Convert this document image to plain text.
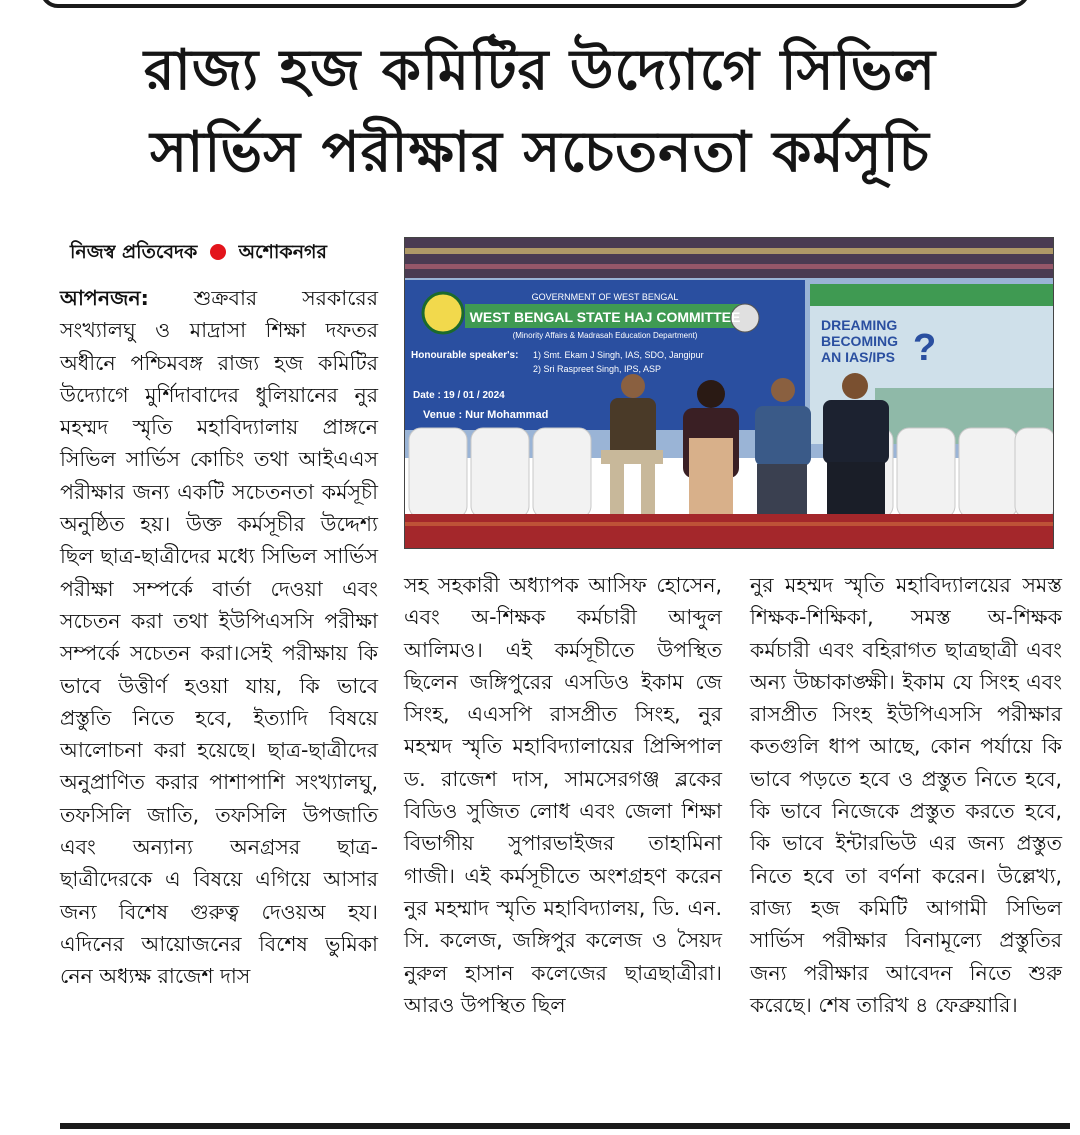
রাজ্য হজ কমিটির উদ্যোগে সিভিল
সার্ভিস পরীক্ষার সচেতনতা কর্মসূচি
নিজস্ব প্রতিবেদক অশোকনগর

আপনজন: শুক্রবার সরকারের সংখ্যালঘু ও মাদ্রাসা শিক্ষা দফতর অধীনে পশ্চিমবঙ্গ রাজ্য হজ কমিটির উদ্যোগে মুর্শিদাবাদের ধুলিয়ানের নুর মহম্মদ স্মৃতি মহাবিদ্যালায় প্রাঙ্গনে সিভিল সার্ভিস কোচিং তথা আইএএস পরীক্ষার জন্য একটি সচেতনতা কর্মসূচী অনুষ্ঠিত হয়। উক্ত কর্মসূচীর উদ্দেশ্য ছিল ছাত্র-ছাত্রীদের মধ্যে সিভিল সার্ভিস পরীক্ষা সম্পর্কে বার্তা দেওয়া এবং সচেতন করা তথা ইউপিএসসি পরীক্ষা সম্পর্কে সচেতন করা।সেই পরীক্ষায় কি ভাবে উত্তীর্ণ হওয়া যায়, কি ভাবে প্রস্তুতি নিতে হবে, ইত্যাদি বিষয়ে আলোচনা করা হয়েছে। ছাত্র-ছাত্রীদের অনুপ্রাণিত করার পাশাপাশি সংখ্যালঘু, তফসিলি জাতি, তফসিলি উপজাতি এবং অন্যান্য অনগ্রসর ছাত্র-ছাত্রীদেরকে এ বিষয়ে এগিয়ে আসার জন্য বিশেষ গুরুত্ব দেওয়অ হয। এদিনের আয়োজনের বিশেষ ভুমিকা নেন অধ্যক্ষ রাজেশ দাস

GOVERNMENT OF WEST BENGAL
WEST BENGAL STATE HAJ COMMITTEE
(Minority Affairs & Madrasah Education Department)
Honourable speaker's: 1) Smt. Ekam J Singh, IAS, SDO, Jangipur
2) Sri Raspreet Singh, IPS, ASP
Date : 19 / 01 / 2024
Venue : Nur Mohammad
DREAMING
BECOMING
AN IAS/IPS ?

সহ সহকারী অধ্যাপক আসিফ হোসেন, এবং অ-শিক্ষক কর্মচারী আব্দুল আলিমও। এই কর্মসূচীতে উপস্থিত ছিলেন জঙ্গিপুরের এসডিও ইকাম জে সিংহ, এএসপি রাসপ্রীত সিংহ, নুর মহম্মদ স্মৃতি মহাবিদ্যালায়ের প্রিন্সিপাল ড. রাজেশ দাস, সামসেরগঞ্জ ব্লকের বিডিও সুজিত লোধ এবং জেলা শিক্ষা বিভাগীয় সুপারভাইজর তাহামিনা গাজী। এই কর্মসূচীতে অংশগ্রহণ করেন নুর মহম্মাদ স্মৃতি মহাবিদ্যালয়, ডি. এন. সি. কলেজ, জঙ্গিপুর কলেজ ও সৈয়দ নুরুল হাসান কলেজের ছাত্রছাত্রীরা। আরও উপস্থিত ছিল

নুর মহম্মদ স্মৃতি মহাবিদ্যালয়ের সমস্ত শিক্ষক-শিক্ষিকা, সমস্ত অ-শিক্ষক কর্মচারী এবং বহিরাগত ছাত্রছাত্রী এবং অন্য উচ্চাকাঙ্ক্ষী। ইকাম যে সিংহ এবং রাসপ্রীত সিংহ ইউপিএসসি পরীক্ষার কতগুলি ধাপ আছে, কোন পর্যায়ে কি ভাবে পড়তে হবে ও প্রস্তুত নিতে হবে, কি ভাবে নিজেকে প্রস্তুত করতে হবে, কি ভাবে ইন্টারভিউ এর জন্য প্রস্তুত নিতে হবে তা বর্ণনা করেন। উল্লেখ্য, রাজ্য হজ কমিটি আগামী সিভিল সার্ভিস পরীক্ষার বিনামূল্যে প্রস্তুতির জন্য পরীক্ষার আবেদন নিতে শুরু করেছে। শেষ তারিখ ৪ ফেব্রুয়ারি।
